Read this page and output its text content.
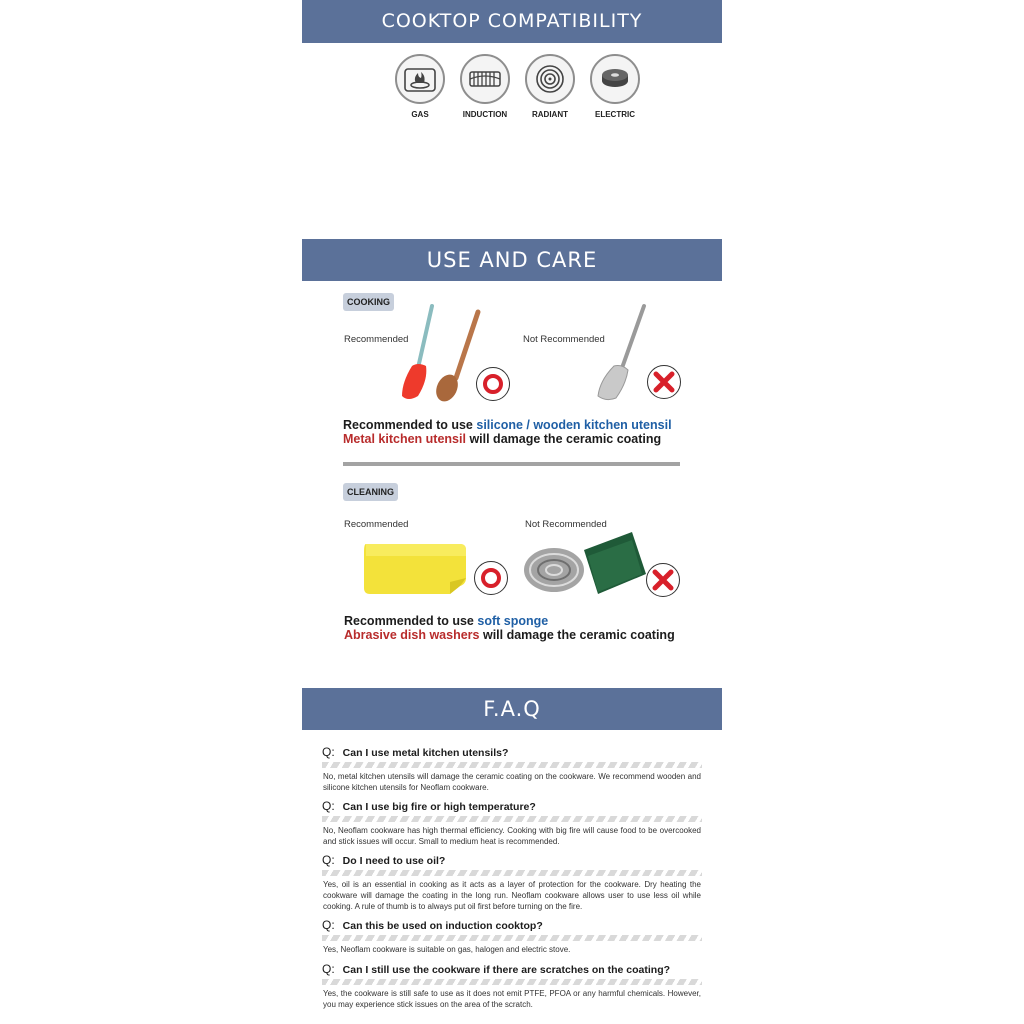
COOKTOP COMPATIBILITY
GAS	INDUCTION	RADIANT	ELECTRIC
USE AND CARE
COOKING
Recommended	Not Recommended
Recommended to use silicone / wooden kitchen utensil
Metal kitchen utensil will damage the ceramic coating
CLEANING
Recommended	Not Recommended
Recommended to use soft sponge
Abrasive dish washers will damage the ceramic coating
F.A.Q
Q: Can I use metal kitchen utensils?
No, metal kitchen utensils will damage the ceramic coating on the cookware. We recommend wooden and silicone kitchen utensils for Neoflam cookware.
Q: Can I use big fire or high temperature?
No, Neoflam cookware has high thermal efficiency. Cooking with big fire will cause food to be overcooked and stick issues will occur. Small to medium heat is recommended.
Q: Do I need to use oil?
Yes, oil is an essential in cooking as it acts as a layer of protection for the cookware. Dry heating the cookware will damage the coating in the long run. Neoflam cookware allows user to use less oil while cooking. A rule of thumb is to always put oil first before turning on the fire.
Q: Can this be used on induction cooktop?
Yes, Neoflam cookware is suitable on gas, halogen and electric stove.
Q: Can I still use the cookware if there are scratches on the coating?
Yes, the cookware is still safe to use as it does not emit PTFE, PFOA or any harmful chemicals. However, you may experience stick issues on the area of the scratch.
